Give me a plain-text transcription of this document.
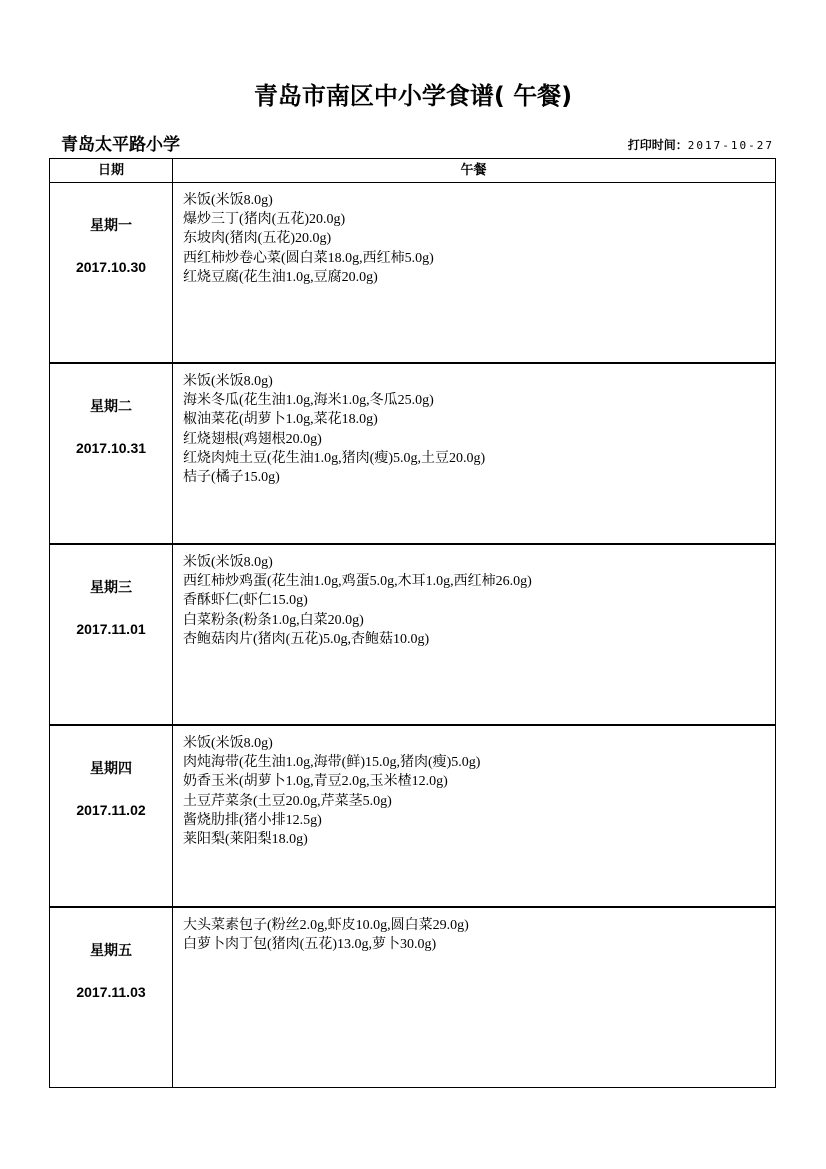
青岛市南区中小学食谱( 午餐)
青岛太平路小学	打印时间：2017-10-27
日期	午餐
星期一
2017.10.30
米饭(米饭8.0g)
爆炒三丁(猪肉(五花)20.0g)
东坡肉(猪肉(五花)20.0g)
西红柿炒卷心菜(圆白菜18.0g,西红柿5.0g)
红烧豆腐(花生油1.0g,豆腐20.0g)
星期二
2017.10.31
米饭(米饭8.0g)
海米冬瓜(花生油1.0g,海米1.0g,冬瓜25.0g)
椒油菜花(胡萝卜1.0g,菜花18.0g)
红烧翅根(鸡翅根20.0g)
红烧肉炖土豆(花生油1.0g,猪肉(瘦)5.0g,土豆20.0g)
桔子(橘子15.0g)
星期三
2017.11.01
米饭(米饭8.0g)
西红柿炒鸡蛋(花生油1.0g,鸡蛋5.0g,木耳1.0g,西红柿26.0g)
香酥虾仁(虾仁15.0g)
白菜粉条(粉条1.0g,白菜20.0g)
杏鲍菇肉片(猪肉(五花)5.0g,杏鲍菇10.0g)
星期四
2017.11.02
米饭(米饭8.0g)
肉炖海带(花生油1.0g,海带(鲜)15.0g,猪肉(瘦)5.0g)
奶香玉米(胡萝卜1.0g,青豆2.0g,玉米楂12.0g)
土豆芹菜条(土豆20.0g,芹菜茎5.0g)
酱烧肋排(猪小排12.5g)
莱阳梨(莱阳梨18.0g)
星期五
2017.11.03
大头菜素包子(粉丝2.0g,虾皮10.0g,圆白菜29.0g)
白萝卜肉丁包(猪肉(五花)13.0g,萝卜30.0g)
